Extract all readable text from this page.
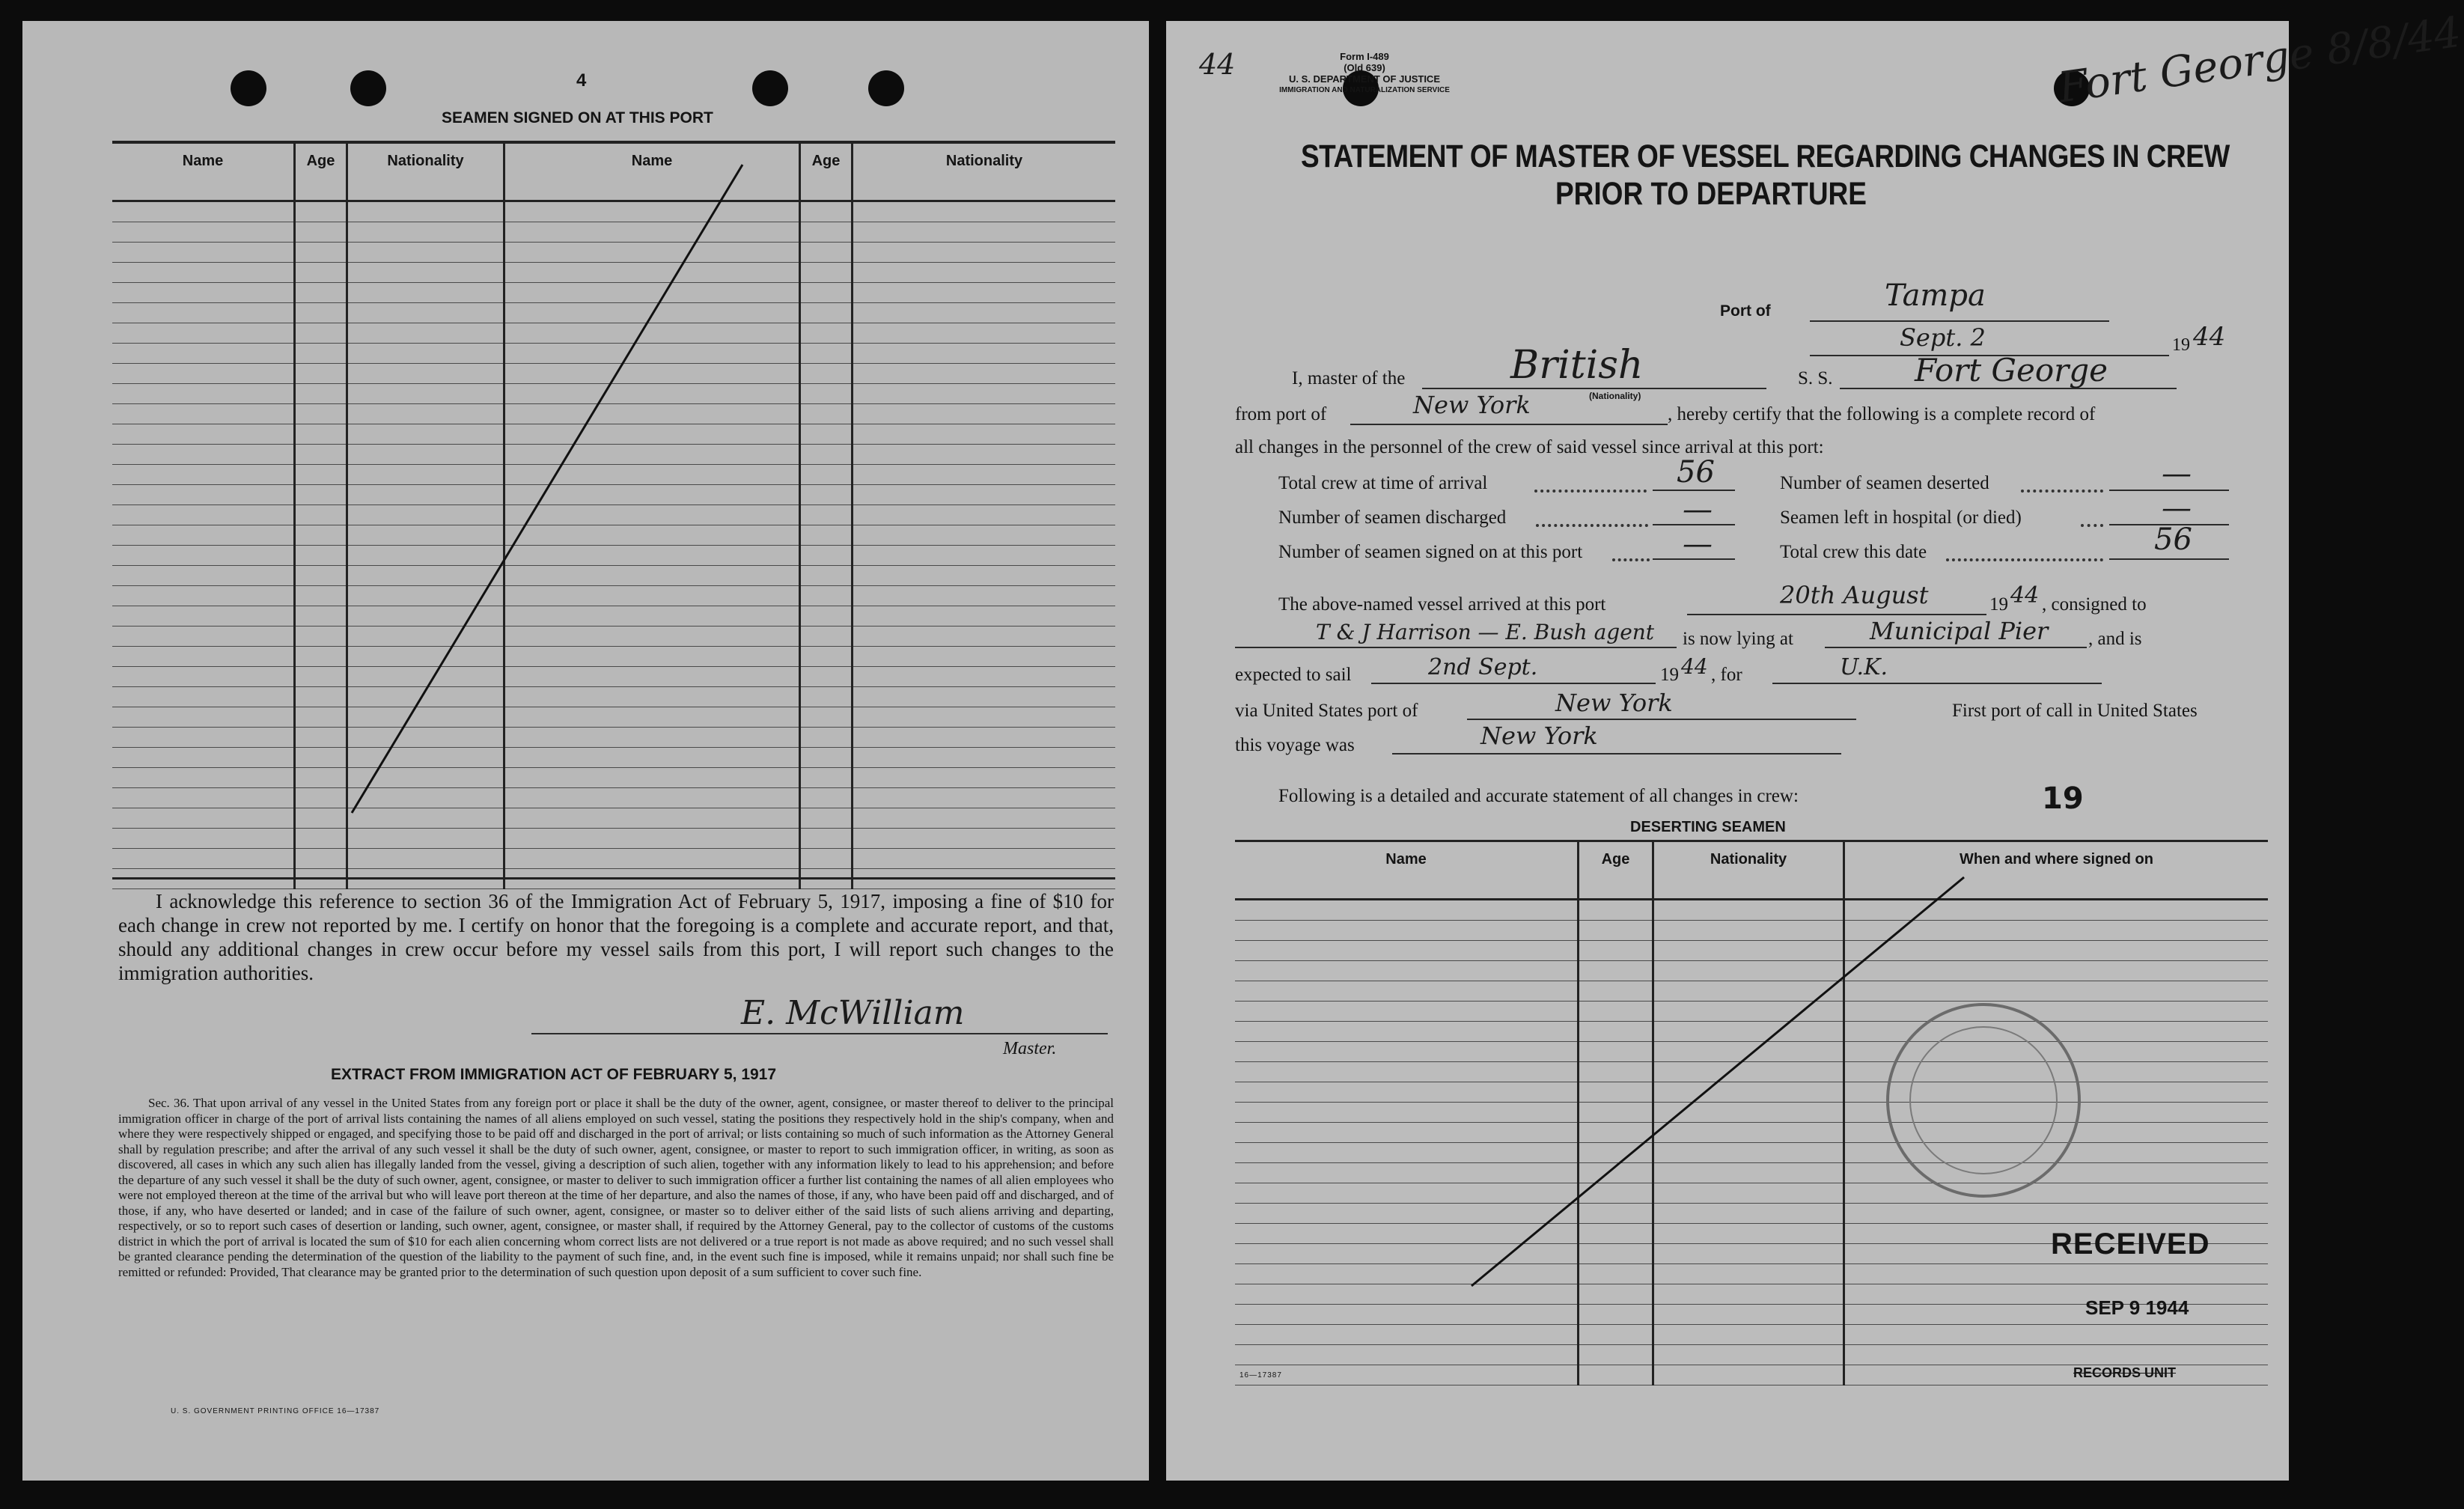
4
SEAMEN SIGNED ON AT THIS PORT
Name	Age	Nationality	Name	Age	Nationality

I acknowledge this reference to section 36 of the Immigration Act of February 5, 1917, imposing a fine of $10 for each change in crew not reported by me. I certify on honor that the foregoing is a complete and accurate report, and that, should any additional changes in crew occur before my vessel sails from this port, I will report such changes to the immigration authorities.
E. McWilliam
Master.
EXTRACT FROM IMMIGRATION ACT OF FEBRUARY 5, 1917
Sec. 36. That upon arrival of any vessel in the United States from any foreign port or place it shall be the duty of the owner, agent, consignee, or master thereof to deliver to the principal immigration officer in charge of the port of arrival lists containing the names of all aliens employed on such vessel, stating the positions they respectively hold in the ship's company, when and where they were respectively shipped or engaged, and specifying those to be paid off and discharged in the port of arrival; or lists containing so much of such information as the Attorney General shall by regulation prescribe; and after the arrival of any such vessel it shall be the duty of such owner, agent, consignee, or master to report to such immigration officer, in writing, as soon as discovered, all cases in which any such alien has illegally landed from the vessel, giving a description of such alien, together with any information likely to lead to his apprehension; and before the departure of any such vessel it shall be the duty of such owner, agent, consignee, or master to deliver to such immigration officer a further list containing the names of all alien employees who were not employed thereon at the time of the arrival but who will leave port thereon at the time of her departure, and also the names of those, if any, who have been paid off and discharged, and of those, if any, who have deserted or landed; and in case of the failure of such owner, agent, consignee, or master so to deliver either of the said lists of such aliens arriving and departing, respectively, or so to report such cases of desertion or landing, such owner, agent, consignee, or master shall, if required by the Attorney General, pay to the collector of customs of the customs district in which the port of arrival is located the sum of $10 for each alien concerning whom correct lists are not delivered or a true report is not made as above required; and no such vessel shall be granted clearance pending the determination of the question of the liability to the payment of such fine, and, in the event such fine is imposed, while it remains unpaid; nor shall such fine be remitted or refunded: Provided, That clearance may be granted prior to the determination of such question upon deposit of a sum sufficient to cover such fine.
U. S. GOVERNMENT PRINTING OFFICE 16—17387
44	Form I-489
(Old 639)
U. S. DEPARTMENT OF JUSTICE
IMMIGRATION AND NATURALIZATION SERVICE	Fort George 8/8/44
STATEMENT OF MASTER OF VESSEL REGARDING CHANGES IN CREW
PRIOR TO DEPARTURE
Port of	Tampa
Sept. 2	19 44
I, master of the	British
(Nationality)
S. S.	Fort George
from port of	New York	, hereby certify that the following is a complete record of
all changes in the personnel of the crew of said vessel since arrival at this port:
Total crew at time of arrival	56
Number of seamen discharged	—
Number of seamen signed on at this port	—
Number of seamen deserted	—
Seamen left in hospital (or died)	—
Total crew this date	56
The above-named vessel arrived at this port	20th August	19 44 , consigned to
T & J Harrison — E. Bush agent is now lying at	Municipal Pier , and is
expected to sail	2nd Sept.	19 44 , for	U.K.
via United States port of	New York	First port of call in United States
this voyage was	New York
Following is a detailed and accurate statement of all changes in crew:	19
DESERTING SEAMEN
Name	Age	Nationality	When and where signed on

RECEIVED
SEP 9 1944
RECORDS UNIT
16—17387
